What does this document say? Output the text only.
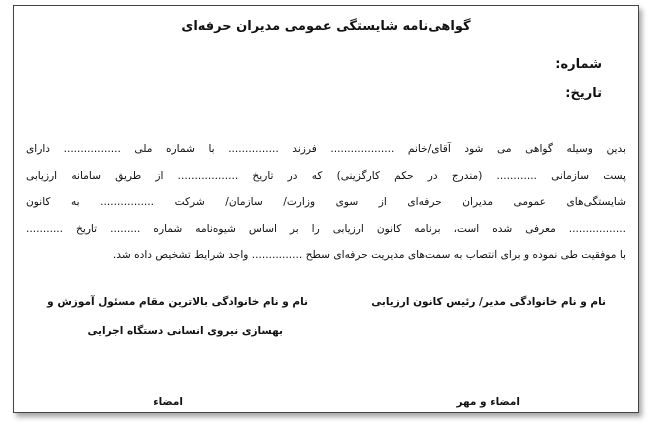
گواهی‌نامه شایستگی عمومی مدیران حرفه‌ای
شماره:
تاریخ:
بدین وسیله گواهی می شود آقای/خانم ................... فرزند ............... با شماره ملی ................. دارای
پست سازمانی ............ (مندرج در حکم کارگزینی) که در تاریخ .................. از طریق سامانه ارزیابی
شایستگی‌های عمومی مدیران حرفه‌ای از سوی وزارت/ سازمان/ شرکت ................ به کانون
................. معرفی شده است، برنامه کانون ارزیابی را بر اساس شیوه‌نامه شماره ......... تاریخ ...........
با موفقیت طی نموده و برای انتصاب به سمت‌های مدیریت حرفه‌ای سطح ............... واجد شرایط تشخیص داده شد.
نام و نام خانوادگی مدیر/ رئیس کانون ارزیابی
نام و نام خانوادگی بالاترین مقام مسئول آموزش و
بهسازی نیروی انسانی دستگاه اجرایی
امضاء و مهر
امضاء
